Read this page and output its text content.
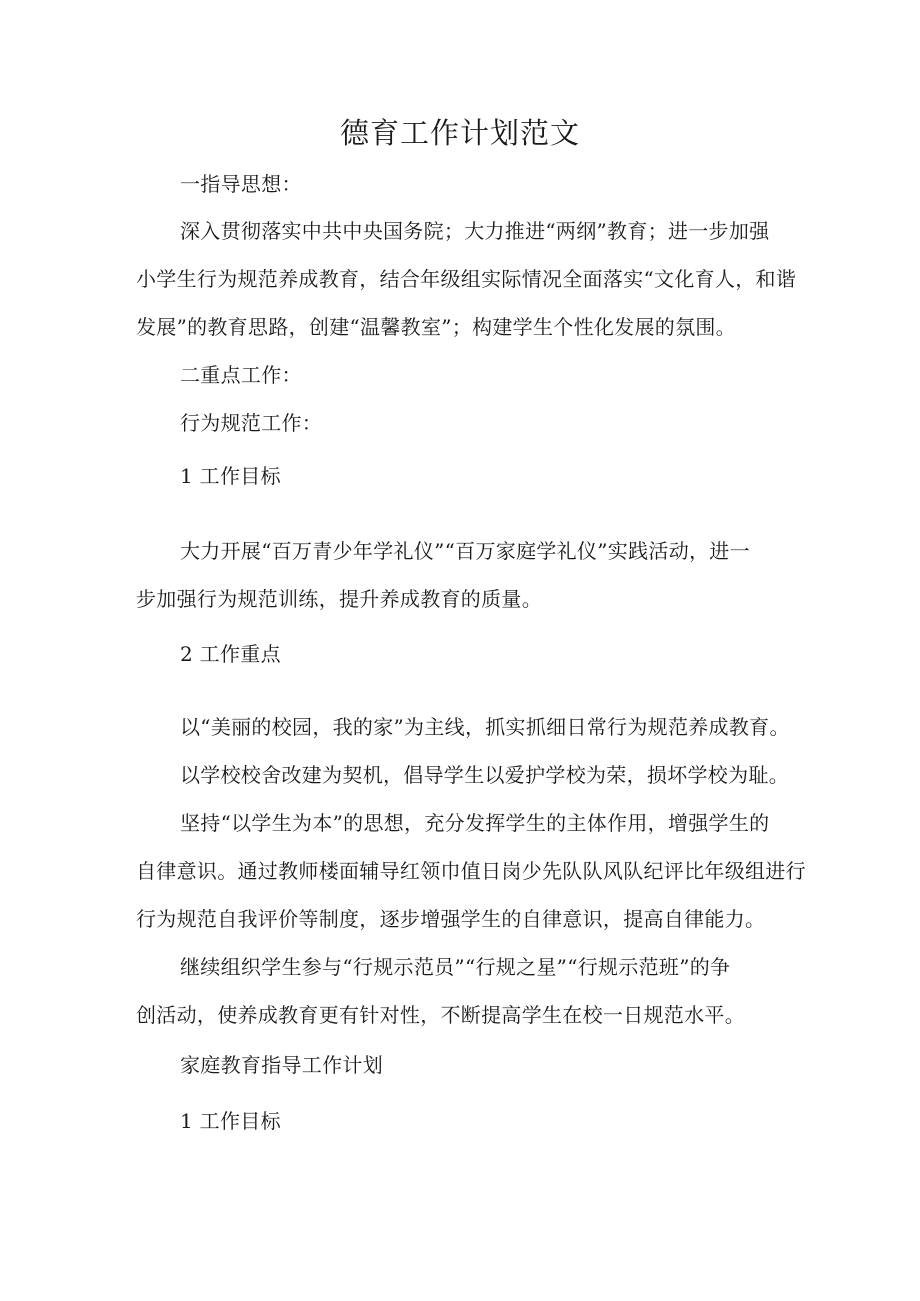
德育工作计划范文

一指导思想：

深入贯彻落实中共中央国务院；大力推进“两纲”教育；进一步加强

小学生行为规范养成教育，结合年级组实际情况全面落实“文化育人，和谐

发展”的教育思路，创建“温馨教室”；构建学生个性化发展的氛围。

二重点工作：

行为规范工作：

1 工作目标

大力开展“百万青少年学礼仪”“百万家庭学礼仪”实践活动，进一

步加强行为规范训练，提升养成教育的质量。

2 工作重点

以“美丽的校园，我的家”为主线，抓实抓细日常行为规范养成教育。

以学校校舍改建为契机，倡导学生以爱护学校为荣，损坏学校为耻。

坚持“以学生为本”的思想，充分发挥学生的主体作用，增强学生的

自律意识。通过教师楼面辅导红领巾值日岗少先队队风队纪评比年级组进行

行为规范自我评价等制度，逐步增强学生的自律意识，提高自律能力。

继续组织学生参与“行规示范员”“行规之星”“行规示范班”的争

创活动，使养成教育更有针对性，不断提高学生在校一日规范水平。

家庭教育指导工作计划

1 工作目标
